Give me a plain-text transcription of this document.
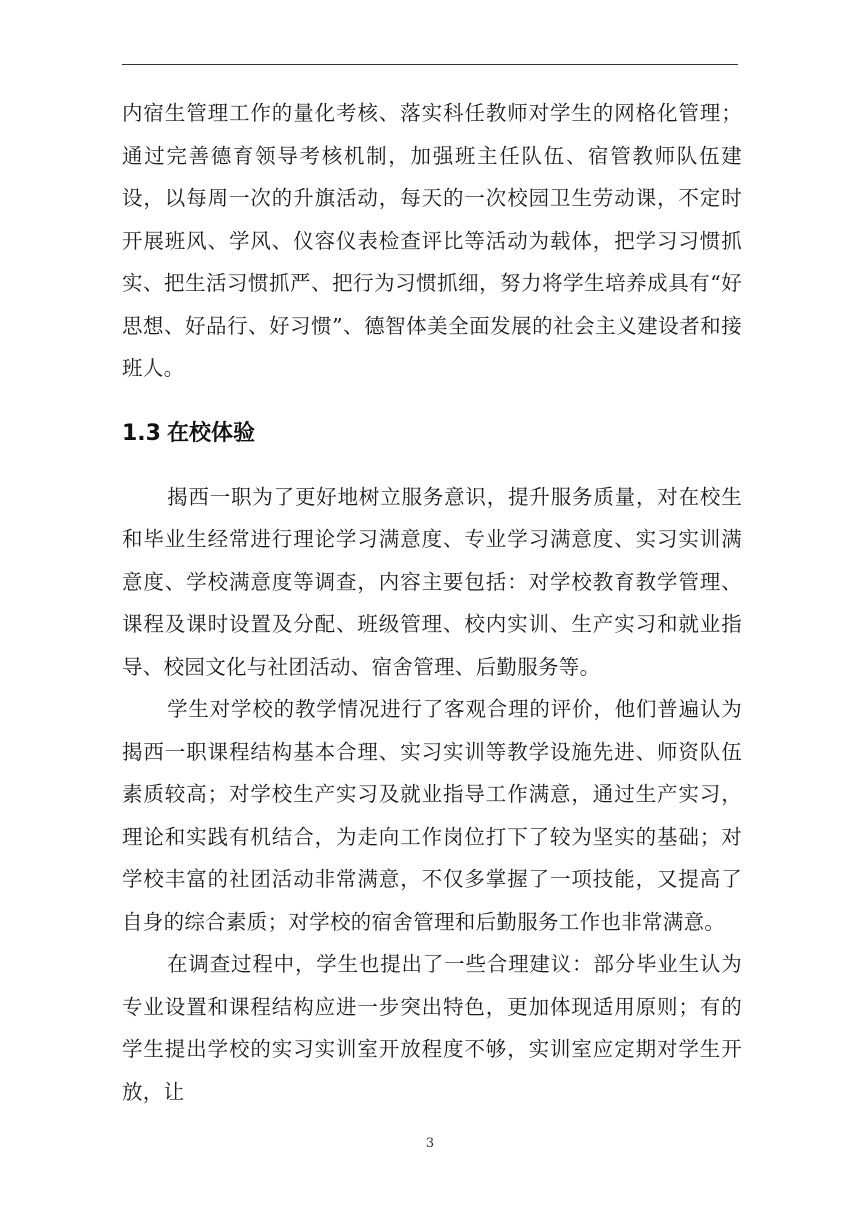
内宿生管理工作的量化考核、落实科任教师对学生的网格化管理；通过完善德育领导考核机制，加强班主任队伍、宿管教师队伍建设，以每周一次的升旗活动，每天的一次校园卫生劳动课，不定时开展班风、学风、仪容仪表检查评比等活动为载体，把学习习惯抓实、把生活习惯抓严、把行为习惯抓细，努力将学生培养成具有“好思想、好品行、好习惯”、德智体美全面发展的社会主义建设者和接班人。

1.3 在校体验

揭西一职为了更好地树立服务意识，提升服务质量，对在校生和毕业生经常进行理论学习满意度、专业学习满意度、实习实训满意度、学校满意度等调查，内容主要包括：对学校教育教学管理、课程及课时设置及分配、班级管理、校内实训、生产实习和就业指导、校园文化与社团活动、宿舍管理、后勤服务等。

学生对学校的教学情况进行了客观合理的评价，他们普遍认为揭西一职课程结构基本合理、实习实训等教学设施先进、师资队伍素质较高；对学校生产实习及就业指导工作满意，通过生产实习，理论和实践有机结合，为走向工作岗位打下了较为坚实的基础；对学校丰富的社团活动非常满意，不仅多掌握了一项技能，又提高了自身的综合素质；对学校的宿舍管理和后勤服务工作也非常满意。

在调查过程中，学生也提出了一些合理建议：部分毕业生认为专业设置和课程结构应进一步突出特色，更加体现适用原则；有的学生提出学校的实习实训室开放程度不够，实训室应定期对学生开放，让

3
